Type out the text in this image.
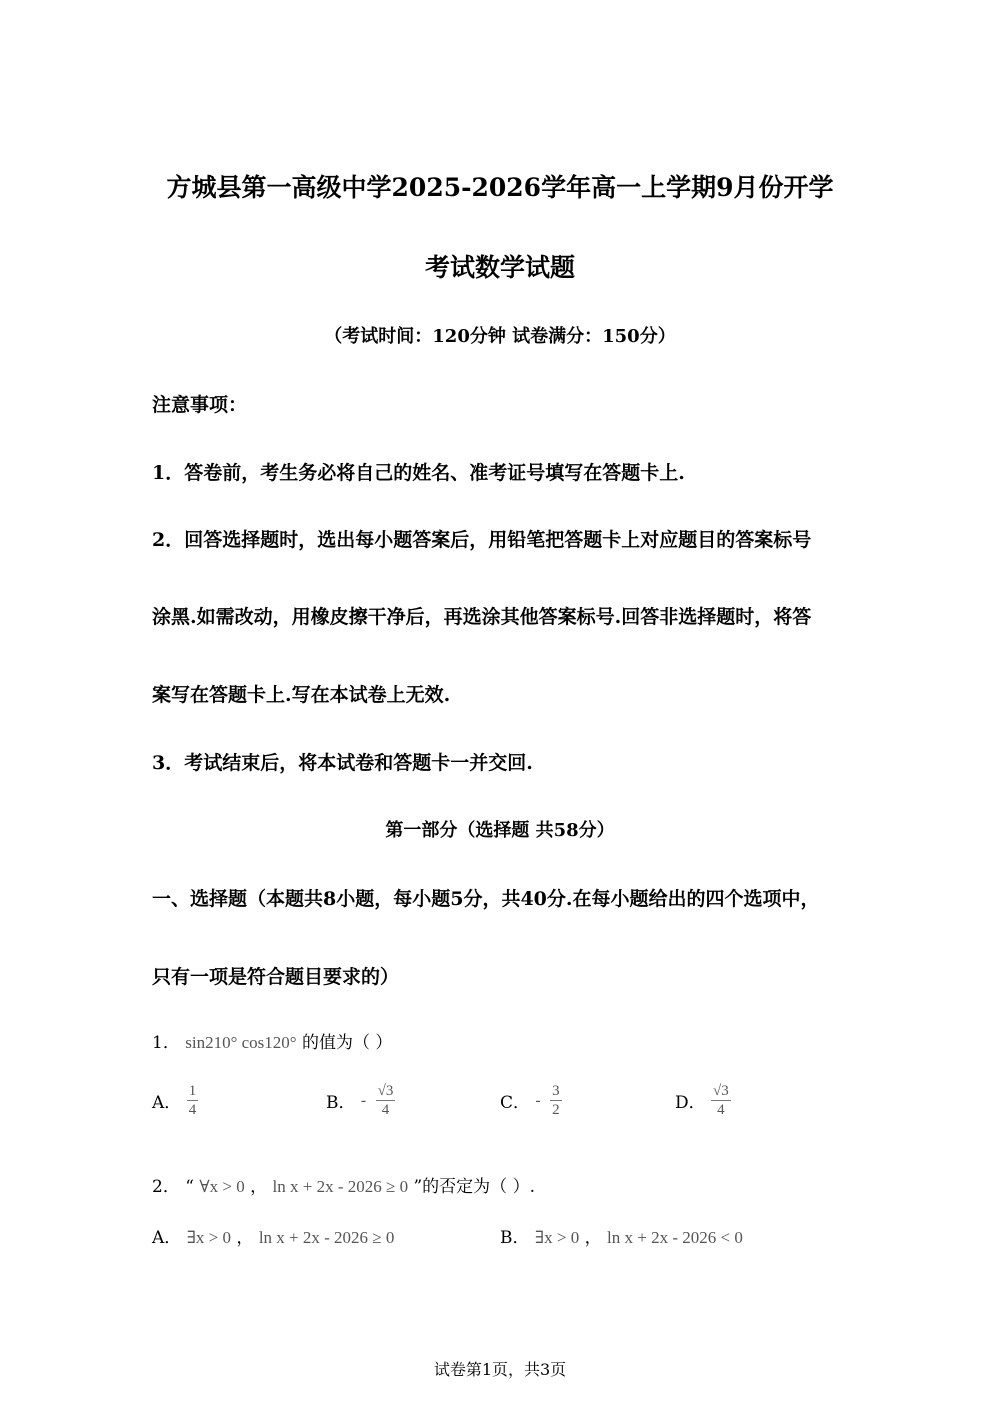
方城县第一高级中学2025-2026学年高一上学期9月份开学
考试数学试题
（考试时间：120分钟 试卷满分：150分）
注意事项：
1．答卷前，考生务必将自己的姓名、准考证号填写在答题卡上.
2．回答选择题时，选出每小题答案后，用铅笔把答题卡上对应题目的答案标号
涂黑.如需改动，用橡皮擦干净后，再选涂其他答案标号.回答非选择题时，将答
案写在答题卡上.写在本试卷上无效.
3．考试结束后，将本试卷和答题卡一并交回.
第一部分（选择题 共58分）
一、选择题（本题共8小题，每小题5分，共40分.在每小题给出的四个选项中，
只有一项是符合题目要求的）
1． sin210° cos120° 的值为（ ）
A． $\frac{1}{4}$	B． - $\frac{√3}{4}$	C． - $\frac{3}{2}$	D． $\frac{√3}{4}$
2． “ ∀x > 0 ， ln x + 2x - 2026 ≥ 0 ”的否定为（ ）.
A． ∃x > 0 ， ln x + 2x - 2026 ≥ 0	B． ∃x > 0 ， ln x + 2x - 2026 < 0
试卷第1页，共3页
